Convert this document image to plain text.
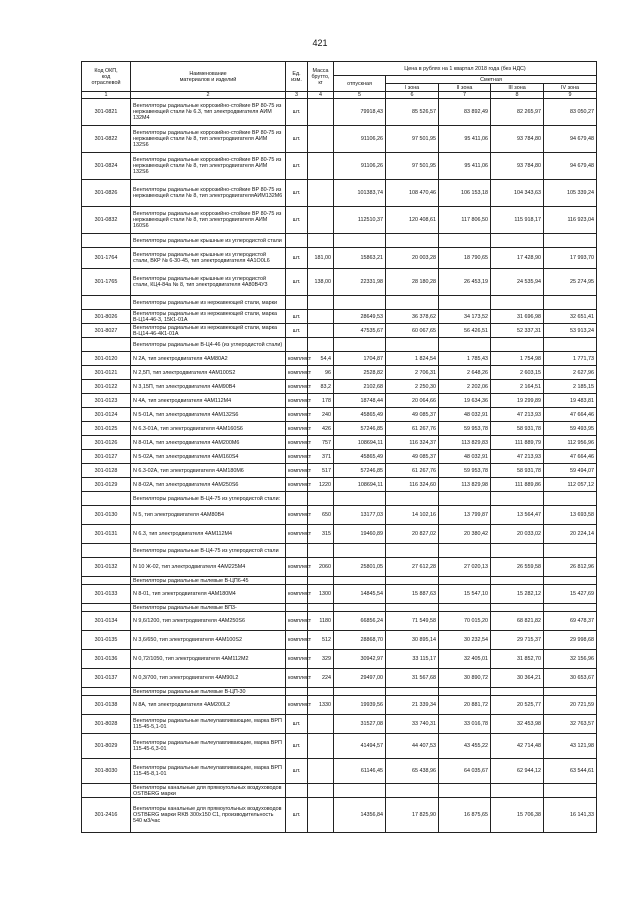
421
Код ОКП,
код
отраслевой	Наименование
материалов и изделий	Ед.
изм.	Масса
брутто,
кг	Цена в рублях на 1 квартал 2018 года (без НДС)				
				отпускная	Сметная			
					I зона	II зона	III зона	IV зона
1	2	3	4	5	6	7	8	9
301-0821	Вентиляторы радиальные коррозийно-стойкие ВР 80-75 из нержавеющей стали № 6.3, тип электродвигателя АИМ 132М4	шт.		79918,43	85 526,57	83 892,49	82 265,97	83 050,27
301-0822	Вентиляторы радиальные коррозийно-стойкие ВР 80-75 из нержавеющей стали № 8, тип электродвигателя АИМ 132S6	шт.		91106,26	97 501,95	95 411,06	93 784,80	94 679,48
301-0824	Вентиляторы радиальные коррозийно-стойкие ВР 80-75 из нержавеющей стали № 8, тип электродвигателя АИМ 132S6	шт.		91106,26	97 501,95	95 411,06	93 784,80	94 679,48
301-0826	Вентиляторы радиальные коррозийно-стойкие ВР 80-75 из нержавеющей стали № 8, тип электродвигателяАИМ132М6	шт.		101383,74	108 470,46	106 153,18	104 343,63	105 339,24
301-0832	Вентиляторы радиальные коррозийно-стойкие ВР 80-75 из нержавеющей стали № 8, тип электродвигателя АИМ 160S6	шт.		112510,37	120 408,61	117 806,50	115 918,17	116 923,04
	Вентиляторы радиальные крышные из углеродистой стали							
301-1764	Вентиляторы радиальные крышные из углеродистой стали, ВКР № 6-30-45, тип электродвигателя 4А1О0L6	шт.	181,00	15863,21	20 003,28	18 790,65	17 428,90	17 993,70
301-1765	Вентиляторы радиальные крышные из углеродистой стали, КЦ4-84а № 8, тип электродвигателя 4А80В4У3	шт.	138,00	22331,98	28 180,28	26 453,19	24 535,94	25 274,95
	Вентиляторы радиальные из нержавеющей стали, марки							
301-8026	Вентиляторы радиальные из нержавеющей стали, марка В-Ц14-46-3, 15К1-01А	шт.		28649,53	36 378,62	34 173,52	31 696,98	32 651,41
301-8027	Вентиляторы радиальные из нержавеющей стали, марка В-Ц14-46-4К1-01А	шт.		47535,67	60 067,65	56 426,51	52 337,31	53 913,24
	Вентиляторы радиальные В-Ц4-46 (из углеродистой стали)							
301-0120	N 2А, тип электродвигателя 4АМ80А2	комплект	54,4	1704,87	1 824,54	1 785,43	1 754,98	1 771,73
301-0121	N 2,5П, тип электродвигателя 4АМ100S2	комплект	96	2528,82	2 706,31	2 648,26	2 603,15	2 627,96
301-0122	N 3,15П, тип электродвигателя 4АМ90В4	комплект	83,2	2102,68	2 250,30	2 202,06	2 164,51	2 185,15
301-0123	N 4А, тип электродвигателя 4АМ112М4	комплект	178	18748,44	20 064,66	19 634,36	19 299,89	19 483,81
301-0124	N 5-01А, тип электродвигателя 4АМ132S6	комплект	240	45865,49	49 085,37	48 032,91	47 213,93	47 664,46
301-0125	N 6.3-01А, тип электродвигателя 4АМ160S6	комплект	426	57246,85	61 267,76	59 953,78	58 931,78	59 493,95
301-0126	N 8-01А, тип электродвигателя 4АМ200М6	комплект	757	108694,11	116 324,37	113 829,83	111 889,79	112 956,96
301-0127	N 5-02А, тип электродвигателя 4АМ160S4	комплект	371	45865,49	49 085,37	48 032,91	47 213,93	47 664,46
301-0128	N 6.3-02А, тип электродвигателя 4АМ180М6	комплект	517	57246,85	61 267,76	59 953,78	58 931,78	59 494,07
301-0129	N 8-02А, тип электродвигателя 4АМ250S6	комплект	1220	108694,11	116 324,60	113 829,98	111 889,86	112 057,12
	Вентиляторы радиальные В-Ц4-75 из углеродистой стали:							
301-0130	N 5, тип электродвигателя 4АМ80В4	комплект	650	13177,03	14 102,16	13 799,87	13 564,47	13 693,58
301-0131	N 6.3, тип электродвигателя 4АМ112М4	комплект	315	19460,89	20 827,02	20 380,42	20 033,02	20 224,14
	Вентиляторы радиальные В-Ц4-75 из углеродистой стали							
301-0132	N 10 Ж-02, тип электродвигателя 4АМ225М4	комплект	2060	25801,05	27 612,28	27 020,13	26 559,58	26 812,96
	Вентиляторы радиальные пылевые В-ЦП6-45							
301-0133	N 8-01, тип электродвигателя 4АМ180М4	комплект	1300	14845,54	15 887,63	15 547,10	15 282,12	15 427,69
	Вентиляторы радиальные пылевые ВП3-							
301-0134	N 9,6/1200, тип электродвигателя 4АМ250S6	комплект	1180	66856,24	71 549,58	70 015,20	68 821,82	69 478,37
301-0135	N 3,6/650, тип электродвигателя 4АМ100S2	комплект	512	28868,70	30 895,14	30 232,54	29 715,37	29 998,68
301-0136	N 0,72/1050, тип электродвигателя 4АМ112М2	комплект	329	30942,97	33 115,17	32 405,01	31 852,70	32 156,96
301-0137	N 0,3/700, тип электродвигателя 4АМ90L2	комплект	224	29497,00	31 567,68	30 890,72	30 364,21	30 653,67
	Вентиляторы радиальные пылевые В-ЦП-30							
301-0138	N 8А, тип электродвигателя 4АМ200L2	комплект	1330	19939,56	21 339,34	20 881,72	20 525,77	20 721,59
301-8028	Вентиляторы радиальные пылеулавливающие, марка ВРП 115-45-5,1-01	шт.		31527,08	33 740,31	33 016,78	32 453,98	32 763,57
301-8029	Вентиляторы радиальные пылеулавливающие, марка ВРП 115-45-6,3-01	шт.		41494,57	44 407,53	43 455,22	42 714,48	43 121,98
301-8030	Вентиляторы радиальные пылеулавливающие, марка ВРП 115-45-8,1-01	шт.		61146,45	65 438,96	64 035,67	62 944,12	63 544,61
	Вентиляторы канальные для прямоугольных воздуховодов OSTBERG марки							
301-2416	Вентиляторы канальные для прямоугольных воздуховодов OSTBERG марки RKB 300х150 C1, производительность 540 м3/час	шт.		14356,84	17 825,90	16 875,65	15 706,38	16 141,33
